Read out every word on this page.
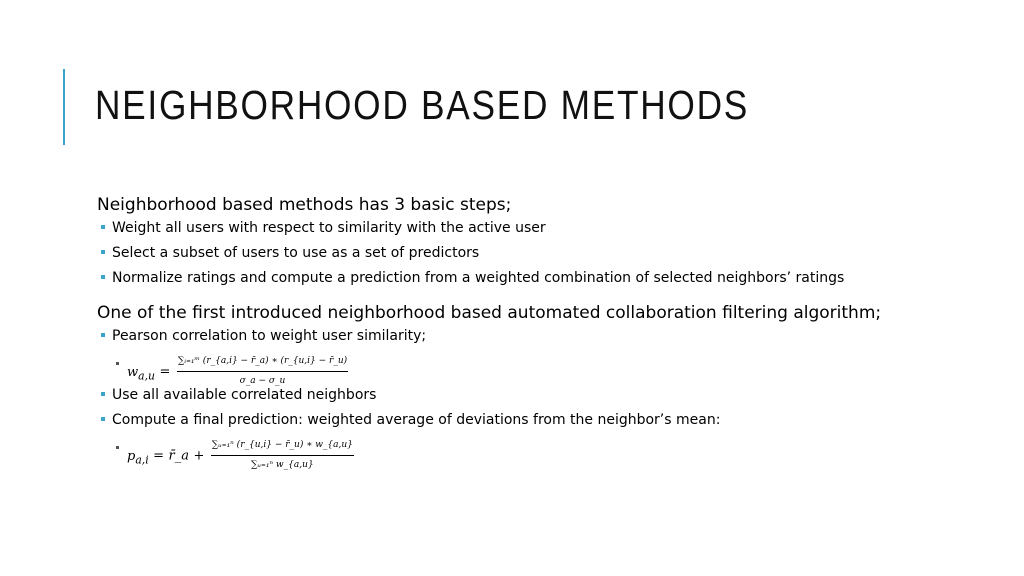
NEIGHBORHOOD BASED METHODS

Neighborhood based methods has 3 basic steps;

Weight all users with respect to similarity with the active user
Select a subset of users to use as a set of predictors
Normalize ratings and compute a prediction from a weighted combination of selected neighbors’ ratings

One of the first introduced neighborhood based automated collaboration filtering algorithm;

Pearson correlation to weight user similarity;
$w_{a,u} = \frac{\text{∑ᵢ₌₁ᵐ (r\_\{a,i\} − r̄\_a) ∗ (r\_\{u,i\} − r̄\_u)}}{\sigma\_a - \sigma\_u}$
Use all available correlated neighbors
Compute a final prediction: weighted average of deviations from the neighbor’s mean:
$p_{a,i}$ = r̄_a + $\frac{\text{∑ᵤ₌₁ⁿ (r\_\{u,i\} − r̄\_u) ∗ w\_\{a,u\}}}{\text{∑ᵤ₌₁ⁿ w\_\{a,u\}}}$
